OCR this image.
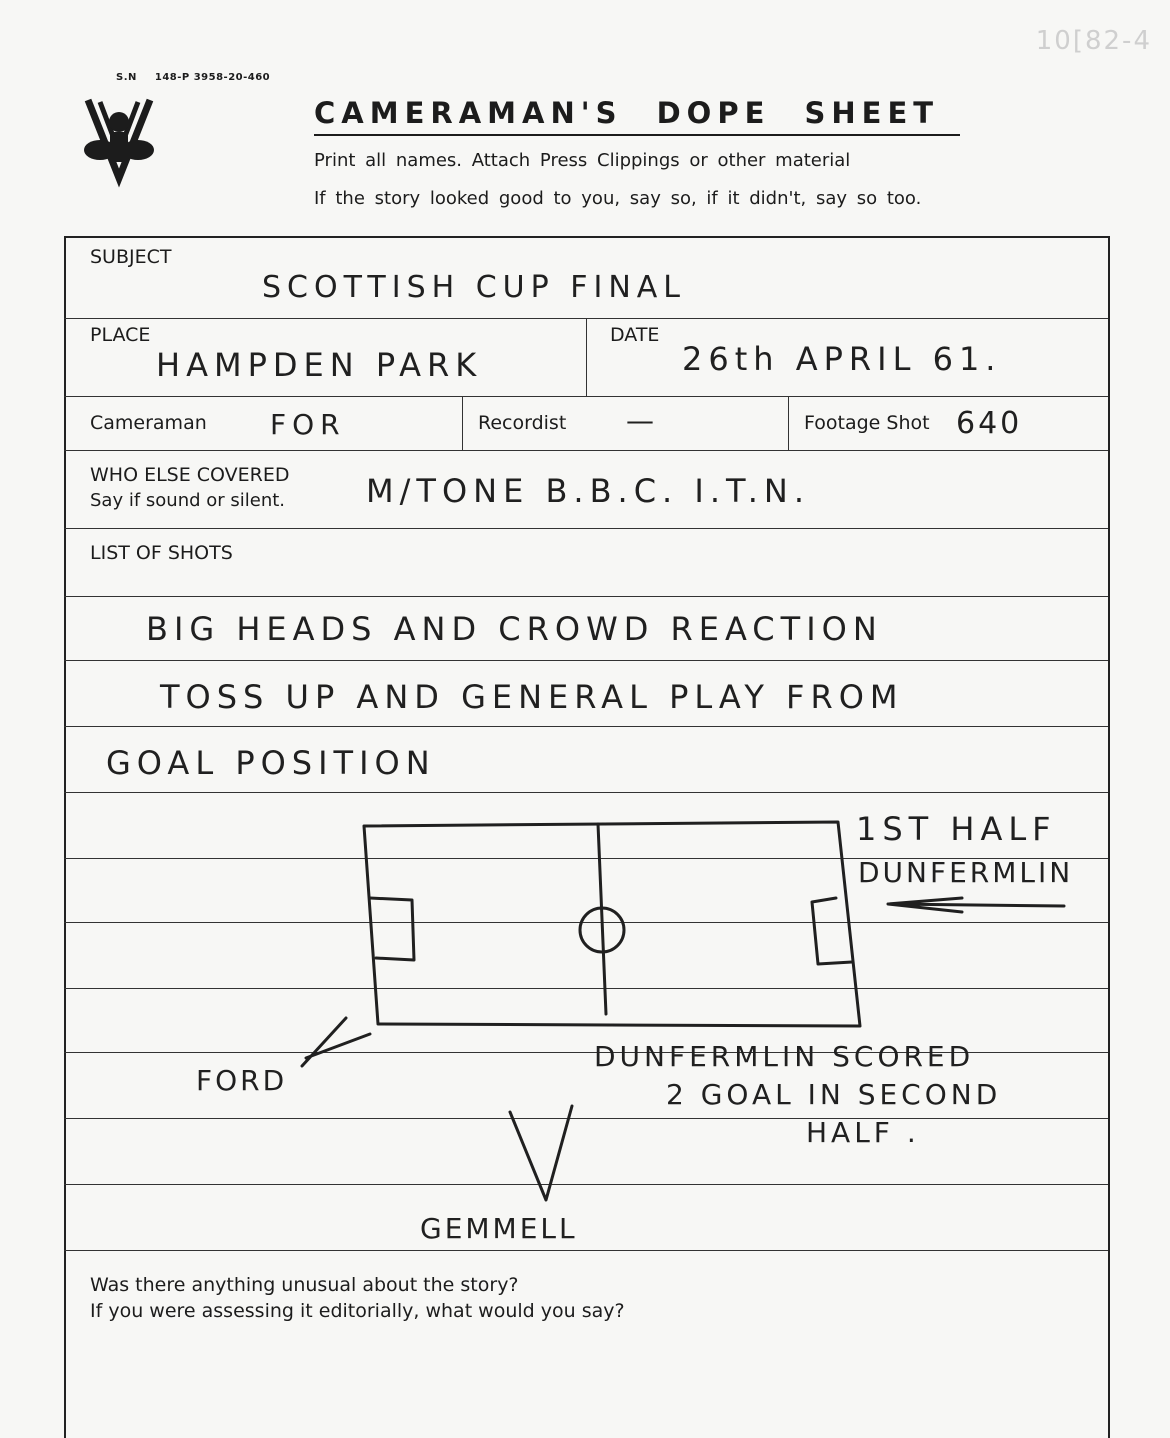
S.N 148-P 3958-20-460
10[82-4
CAMERAMAN'S DOPE SHEET
Print all names. Attach Press Clippings or other material
If the story looked good to you, say so, if it didn't, say so too.
SUBJECT
SCOTTISH CUP FINAL
PLACE
HAMPDEN PARK
DATE
26th APRIL 61.
Cameraman FOR	Recordist —	Footage Shot 640
WHO ELSE COVERED
Say if sound or silent.	M/TONE B.B.C. I.T.N.
LIST OF SHOTS
BIG HEADS AND CROWD REACTION
TOSS UP AND GENERAL PLAY FROM
GOAL POSITION
1ST HALF
DUNFERMLIN
FORD
GEMMELL
DUNFERMLIN SCORED
2 GOAL IN SECOND
HALF .
Was there anything unusual about the story?
If you were assessing it editorially, what would you say?
